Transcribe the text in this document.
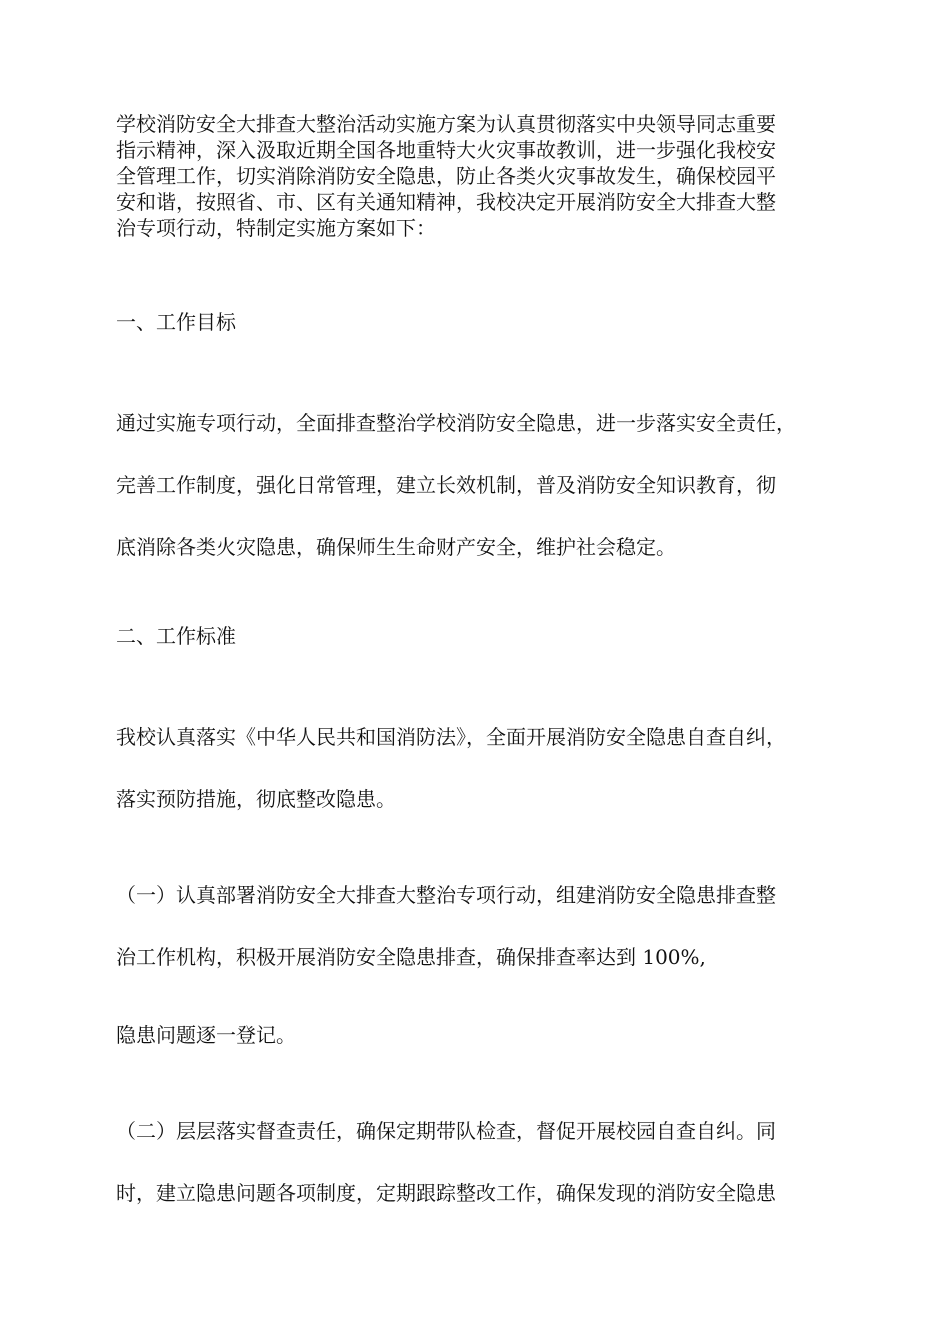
学校消防安全大排查大整治活动实施方案为认真贯彻落实中央领导同志重要
指示精神，深入汲取近期全国各地重特大火灾事故教训，进一步强化我校安
全管理工作，切实消除消防安全隐患，防止各类火灾事故发生，确保校园平
安和谐，按照省、市、区有关通知精神，我校决定开展消防安全大排查大整
治专项行动，特制定实施方案如下：

一、工作目标

通过实施专项行动，全面排查整治学校消防安全隐患，进一步落实安全责任，
完善工作制度，强化日常管理，建立长效机制，普及消防安全知识教育，彻
底消除各类火灾隐患，确保师生生命财产安全，维护社会稳定。

二、工作标准

我校认真落实《中华人民共和国消防法》，全面开展消防安全隐患自查自纠，
落实预防措施，彻底整改隐患。

（一）认真部署消防安全大排查大整治专项行动，组建消防安全隐患排查整
治工作机构，积极开展消防安全隐患排查，确保排查率达到 100%,

隐患问题逐一登记。

（二）层层落实督查责任，确保定期带队检查，督促开展校园自查自纠。同
时，建立隐患问题各项制度，定期跟踪整改工作，确保发现的消防安全隐患
